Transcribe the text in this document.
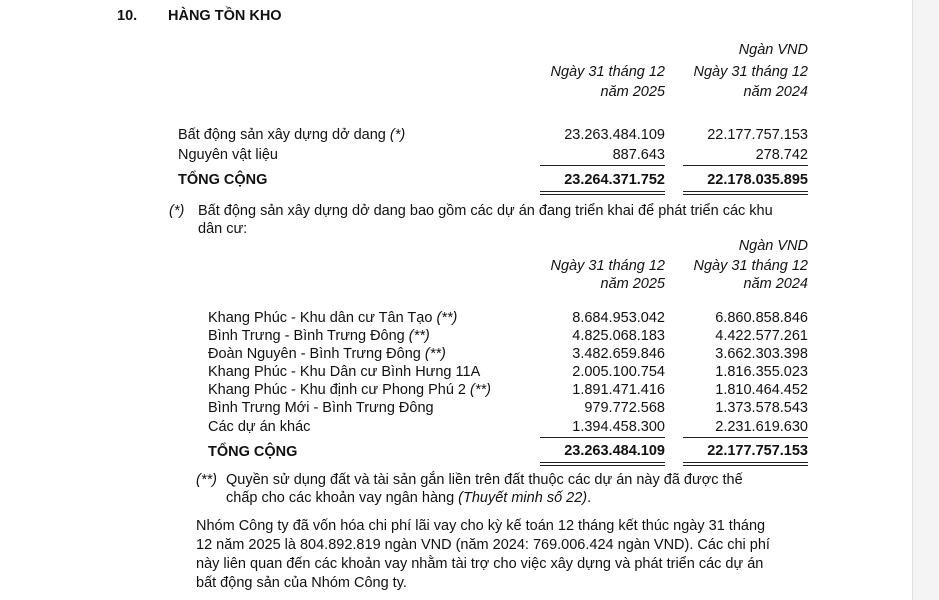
10. HÀNG TỒN KHO
Ngàn VND
Ngày 31 tháng 12
năm 2025
Ngày 31 tháng 12
năm 2024
Bất động sản xây dựng dở dang (*)	23.263.484.109	22.177.757.153
Nguyên vật liệu	887.643	278.742
TỔNG CỘNG	23.264.371.752	22.178.035.895
(*) Bất động sản xây dựng dở dang bao gồm các dự án đang triển khai để phát triển các khu
dân cư:
Ngàn VND
Ngày 31 tháng 12
năm 2025
Ngày 31 tháng 12
năm 2024
Khang Phúc - Khu dân cư Tân Tạo (**)	8.684.953.042	6.860.858.846
Bình Trưng - Bình Trưng Đông (**)	4.825.068.183	4.422.577.261
Đoàn Nguyên - Bình Trưng Đông (**)	3.482.659.846	3.662.303.398
Khang Phúc - Khu Dân cư Bình Hưng 11A	2.005.100.754	1.816.355.023
Khang Phúc - Khu định cư Phong Phú 2 (**)	1.891.471.416	1.810.464.452
Bình Trưng Mới - Bình Trưng Đông	979.772.568	1.373.578.543
Các dự án khác	1.394.458.300	2.231.619.630
TỔNG CỘNG	23.263.484.109	22.177.757.153
(**) Quyền sử dụng đất và tài sản gắn liền trên đất thuộc các dự án này đã được thế
chấp cho các khoản vay ngân hàng (Thuyết minh số 22).
Nhóm Công ty đã vốn hóa chi phí lãi vay cho kỳ kế toán 12 tháng kết thúc ngày 31 tháng
12 năm 2025 là 804.892.819 ngàn VND (năm 2024: 769.006.424 ngàn VND). Các chi phí
này liên quan đến các khoản vay nhằm tài trợ cho việc xây dựng và phát triển các dự án
bất động sản của Nhóm Công ty.
